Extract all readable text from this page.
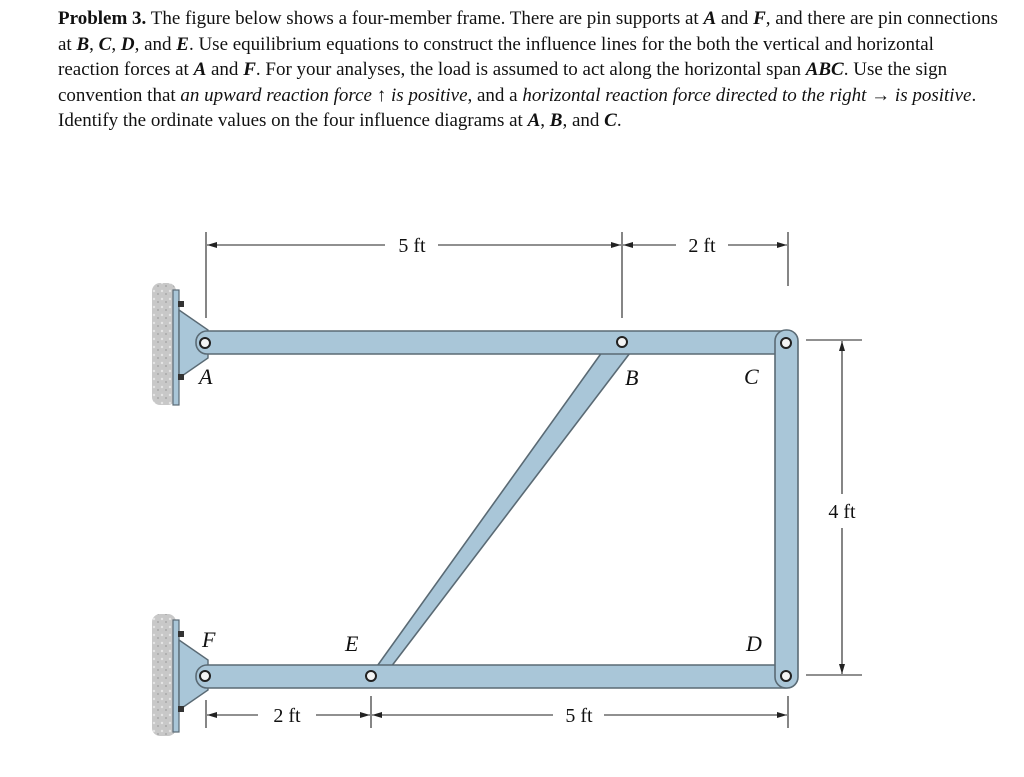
Problem 3. The figure below shows a four-member frame. There are pin supports at A and F, and there are pin connections at B, C, D, and E. Use equilibrium equations to construct the influence lines for the both the vertical and horizontal reaction forces at A and F. For your analyses, the load is assumed to act along the horizontal span ABC. Use the sign convention that an upward reaction force ↑ is positive, and a horizontal reaction force directed to the right → is positive. Identify the ordinate values on the four influence diagrams at A, B, and C.

A	B	C
F	E	D
5 ft	2 ft
4 ft
2 ft	5 ft
